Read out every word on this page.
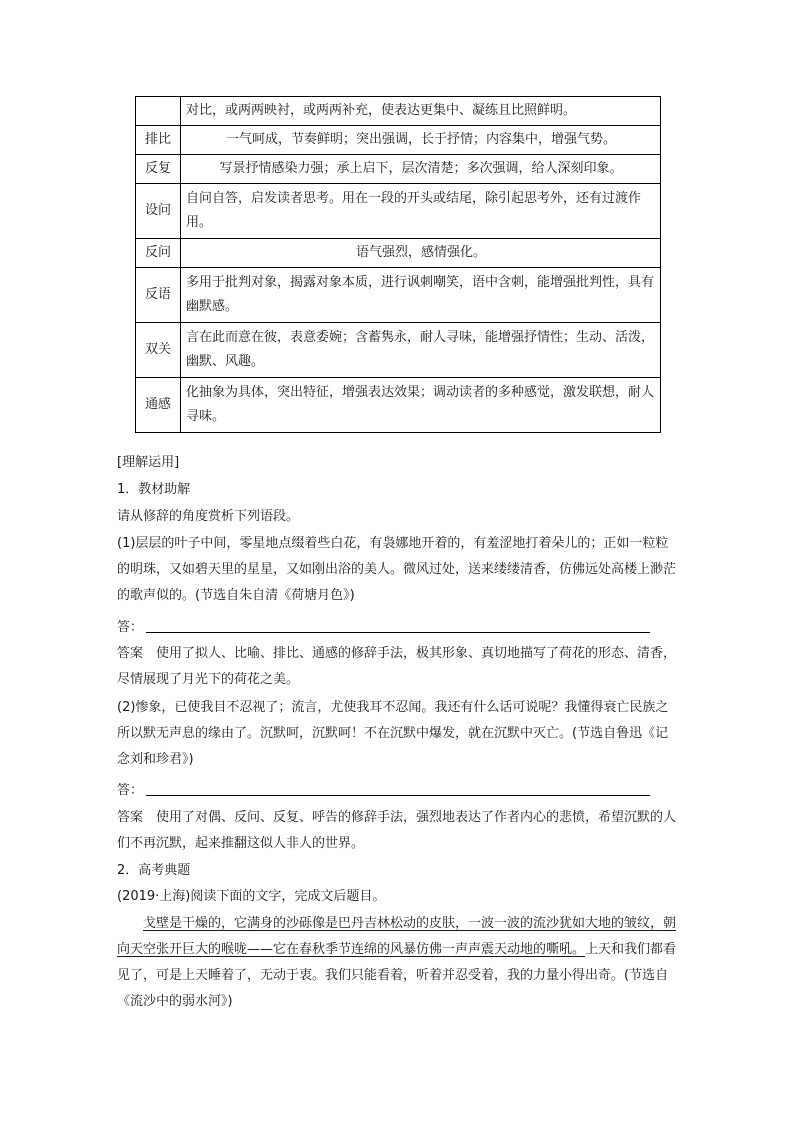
	对比，或两两映衬，或两两补充，使表达更集中、凝练且比照鲜明。
排比	一气呵成，节奏鲜明；突出强调，长于抒情；内容集中，增强气势。
反复	写景抒情感染力强；承上启下，层次清楚；多次强调，给人深刻印象。
设问	自问自答，启发读者思考。用在一段的开头或结尾，除引起思考外，还有过渡作用。
反问	语气强烈，感情强化。
反语	多用于批判对象，揭露对象本质，进行讽刺嘲笑，语中含刺，能增强批判性，具有幽默感。
双关	言在此而意在彼，表意委婉；含蓄隽永，耐人寻味，能增强抒情性；生动、活泼，幽默、风趣。
通感	化抽象为具体，突出特征，增强表达效果；调动读者的多种感觉，激发联想，耐人寻味。
[理解运用]
1．教材助解
请从修辞的角度赏析下列语段。
(1)层层的叶子中间，零星地点缀着些白花，有袅娜地开着的，有羞涩地打着朵儿的；正如一粒粒的明珠，又如碧天里的星星，又如刚出浴的美人。微风过处，送来缕缕清香，仿佛远处高楼上渺茫的歌声似的。(节选自朱自清《荷塘月色》)
答：
答案　使用了拟人、比喻、排比、通感的修辞手法，极其形象、真切地描写了荷花的形态、清香，尽情展现了月光下的荷花之美。
(2)惨象，已使我目不忍视了；流言，尤使我耳不忍闻。我还有什么话可说呢？我懂得衰亡民族之所以默无声息的缘由了。沉默呵，沉默呵！不在沉默中爆发，就在沉默中灭亡。(节选自鲁迅《记念刘和珍君》)
答：
答案　使用了对偶、反问、反复、呼告的修辞手法，强烈地表达了作者内心的悲愤，希望沉默的人们不再沉默，起来推翻这似人非人的世界。
2．高考典题
(2019·上海)阅读下面的文字，完成文后题目。
戈壁是干燥的，它满身的沙砾像是巴丹吉林松动的皮肤，一波一波的流沙犹如大地的皱纹，朝向天空张开巨大的喉咙——它在春秋季节连绵的风暴仿佛一声声震天动地的嘶吼。上天和我们都看见了，可是上天睡着了，无动于衷。我们只能看着，听着并忍受着，我的力量小得出奇。(节选自《流沙中的弱水河》)
